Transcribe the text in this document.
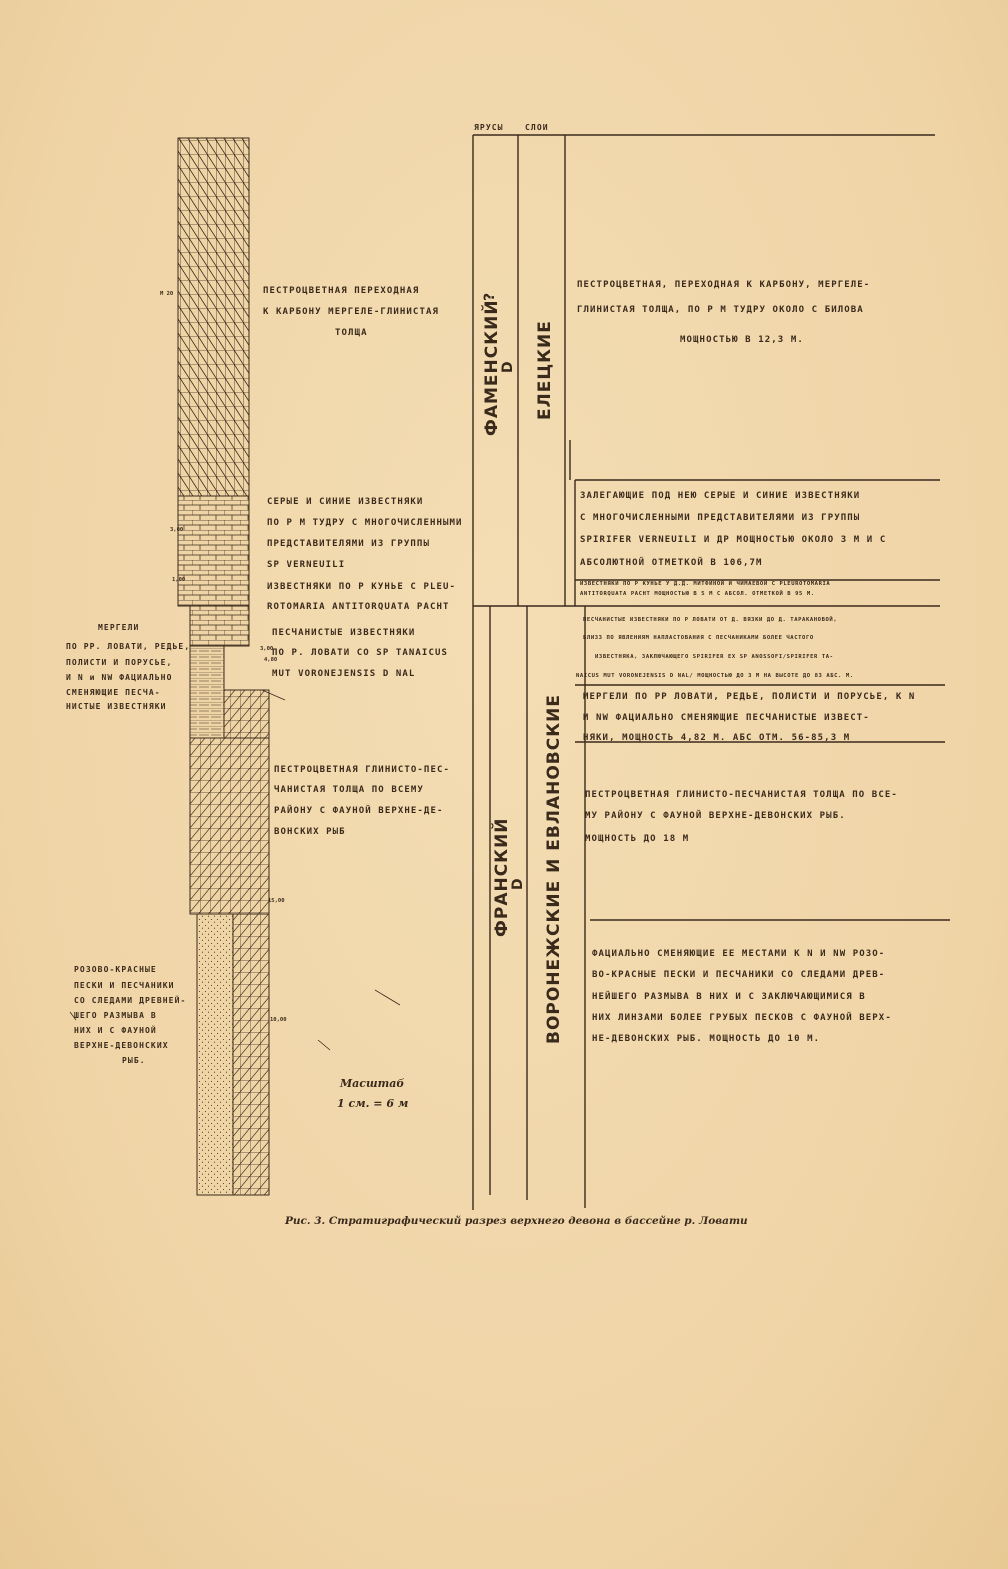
ЯРУСЫ	СЛОИ
М 20
3,00
1,00
3,00
4,80
15,00
10,00
ПЕСТРОЦВЕТНАЯ ПЕРЕХОДНАЯ
К КАРБОНУ МЕРГЕЛЕ-ГЛИНИСТАЯ
ТОЛЩА
СЕРЫЕ И СИНИЕ ИЗВЕСТНЯКИ
ПО Р М ТУДРУ С МНОГОЧИСЛЕННЫМИ
ПРЕДСТАВИТЕЛЯМИ ИЗ ГРУППЫ
SP VERNEUILI
ИЗВЕСТНЯКИ ПО Р КУНЬЕ С PLEU-
ROTOMARIA ANTITORQUATA PACHT
ПЕСЧАНИСТЫЕ ИЗВЕСТНЯКИ
ПО Р. ЛОВАТИ СО SP TANAICUS
MUT VORONEJENSIS D NAL
ПЕСТРОЦВЕТНАЯ ГЛИНИСТО-ПЕС-
ЧАНИСТАЯ ТОЛЩА ПО ВСЕМУ
РАЙОНУ С ФАУНОЙ ВЕРХНЕ-ДЕ-
ВОНСКИХ РЫБ
МЕРГЕЛИ
ПО РР. ЛОВАТИ, РЕДЬЕ,
ПОЛИСТИ И ПОРУСЬЕ,
И N и NW ФАЦИАЛЬНО
СМЕНЯЮЩИЕ ПЕСЧА-
НИСТЫЕ ИЗВЕСТНЯКИ
РОЗОВО-КРАСНЫЕ
ПЕСКИ И ПЕСЧАНИКИ
СО СЛЕДАМИ ДРЕВНЕЙ-
ШЕГО РАЗМЫВА В
НИХ И С ФАУНОЙ
ВЕРХНЕ-ДЕВОНСКИХ
РЫБ.
ФАМЕНСКИЙ
D
?
ЕЛЕЦКИЕ
ФРАНСКИЙ
D ВОРОНЕЖСКИЕ И ЕВЛАНОВСКИЕ
ПЕСТРОЦВЕТНАЯ, ПЕРЕХОДНАЯ К КАРБОНУ, МЕРГЕЛЕ-
ГЛИНИСТАЯ ТОЛЩА, ПО Р М ТУДРУ ОКОЛО С БИЛОВА
МОЩНОСТЬЮ В 12,3 М.
ЗАЛЕГАЮЩИЕ ПОД НЕЮ СЕРЫЕ И СИНИЕ ИЗВЕСТНЯКИ
С МНОГОЧИСЛЕННЫМИ ПРЕДСТАВИТЕЛЯМИ ИЗ ГРУППЫ
SPIRIFER VERNEUILI И ДР МОЩНОСТЬЮ ОКОЛО 3 М И С
АБСОЛЮТНОЙ ОТМЕТКОЙ В 106,7М
ИЗВЕСТНЯКИ ПО Р КУНЬЕ У Д.Д. МИТФИНОЙ И ЧИМАЕВОЙ С PLEUROTOMARIA
ANTITORQUATA PACHT МОЩНОСТЬЮ В 5 М С АБСОЛ. ОТМЕТКОЙ В 95 М.
ПЕСЧАНИСТЫЕ ИЗВЕСТНЯКИ ПО Р ЛОВАТИ ОТ Д. ВЯЗКИ ДО Д. ТАРАКАНОВОЙ,
БЛИЗЗ ПО ЯВЛЕНИЯМ НАПЛАСТОВАНИЯ С ПЕСЧАНИКАМИ БОЛЕЕ ЧАСТОГО
ИЗВЕСТНЯКА, ЗАКЛЮЧАЮЩЕГО SPIRIFER EX SP ANOSSOFI/SPIRIFER TA-
NAICUS MUT VORONEJENSIS D NAL/ МОЩНОСТЬЮ ДО 3 М НА ВЫСОТЕ ДО 83 АБС. М.
МЕРГЕЛИ ПО РР ЛОВАТИ, РЕДЬЕ, ПОЛИСТИ И ПОРУСЬЕ, К N
И NW ФАЦИАЛЬНО СМЕНЯЮЩИЕ ПЕСЧАНИСТЫЕ ИЗВЕСТ-
НЯКИ, МОЩНОСТЬ 4,82 М. АБС ОТМ. 56-85,3 М
ПЕСТРОЦВЕТНАЯ ГЛИНИСТО-ПЕСЧАНИСТАЯ ТОЛЩА ПО ВСЕ-
МУ РАЙОНУ С ФАУНОЙ ВЕРХНЕ-ДЕВОНСКИХ РЫБ.
МОЩНОСТЬ ДО 18 М
ФАЦИАЛЬНО СМЕНЯЮЩИЕ ЕЕ МЕСТАМИ К N И NW РОЗО-
ВО-КРАСНЫЕ ПЕСКИ И ПЕСЧАНИКИ СО СЛЕДАМИ ДРЕВ-
НЕЙШЕГО РАЗМЫВА В НИХ И С ЗАКЛЮЧАЮЩИМИСЯ В
НИХ ЛИНЗАМИ БОЛЕЕ ГРУБЫХ ПЕСКОВ С ФАУНОЙ ВЕРХ-
НЕ-ДЕВОНСКИХ РЫБ. МОЩНОСТЬ ДО 10 М.
Масштаб
1 см. = 6 м
Рис. 3. Стратиграфический разрез верхнего девона в бассейне р. Ловати
